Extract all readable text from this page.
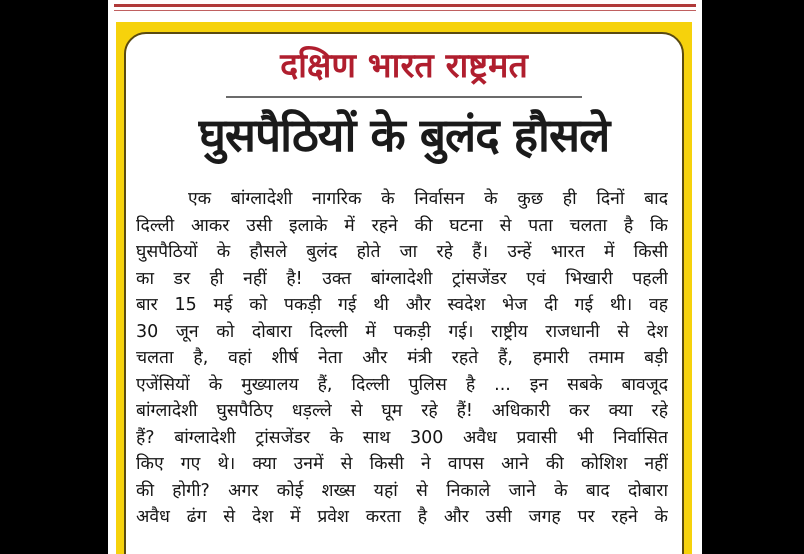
दक्षिण भारत राष्ट्रमत
घुसपैठियों के बुलंद हौसले
एक बांग्लादेशी नागरिक के निर्वासन के कुछ ही दिनों बाद
दिल्ली आकर उसी इलाके में रहने की घटना से पता चलता है कि
घुसपैठियों के हौसले बुलंद होते जा रहे हैं। उन्हें भारत में किसी
का डर ही नहीं है! उक्त बांग्लादेशी ट्रांसजेंडर एवं भिखारी पहली
बार 15 मई को पकड़ी गई थी और स्वदेश भेज दी गई थी। वह
30 जून को दोबारा दिल्ली में पकड़ी गई। राष्ट्रीय राजधानी से देश
चलता है, वहां शीर्ष नेता और मंत्री रहते हैं, हमारी तमाम बड़ी
एजेंसियों के मुख्यालय हैं, दिल्ली पुलिस है ... इन सबके बावजूद
बांग्लादेशी घुसपैठिए धड़ल्ले से घूम रहे हैं! अधिकारी कर क्या रहे
हैं? बांग्लादेशी ट्रांसजेंडर के साथ 300 अवैध प्रवासी भी निर्वासित
किए गए थे। क्या उनमें से किसी ने वापस आने की कोशिश नहीं
की होगी? अगर कोई शख्स यहां से निकाले जाने के बाद दोबारा
अवैध ढंग से देश में प्रवेश करता है और उसी जगह पर रहने के
